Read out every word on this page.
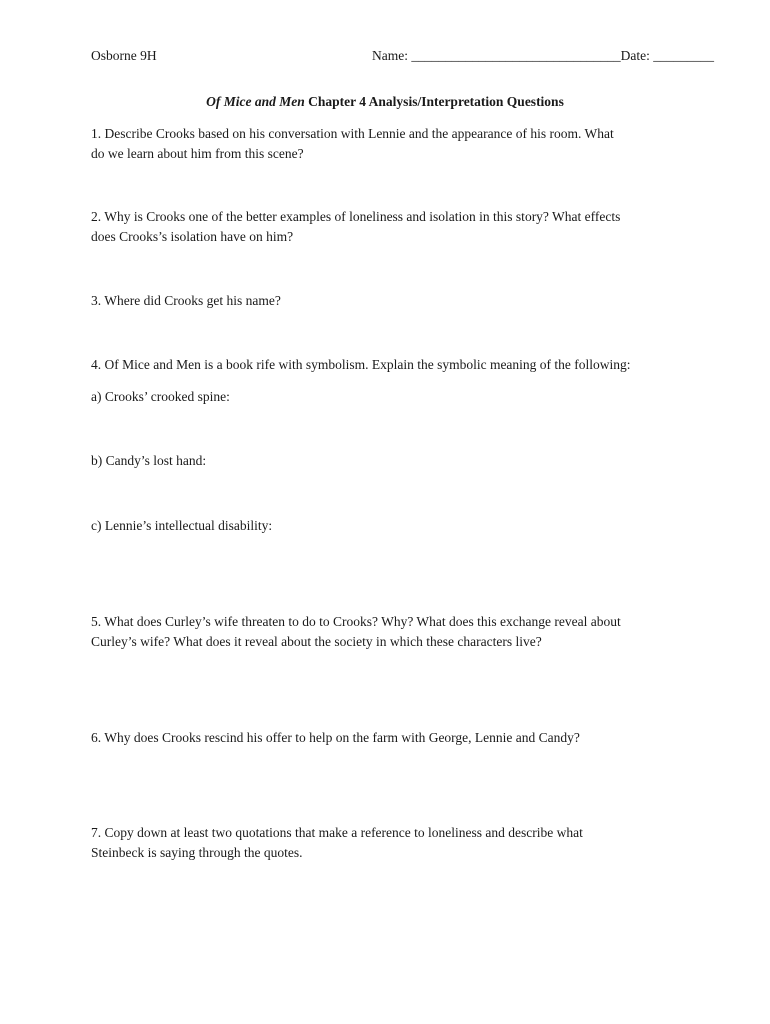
Osborne 9H	Name: _______________________________Date: _________
Of Mice and Men Chapter 4 Analysis/Interpretation Questions
1. Describe Crooks based on his conversation with Lennie and the appearance of his room. What
do we learn about him from this scene?
2. Why is Crooks one of the better examples of loneliness and isolation in this story? What effects
does Crooks’s isolation have on him?
3. Where did Crooks get his name?
4. Of Mice and Men is a book rife with symbolism. Explain the symbolic meaning of the following:
a) Crooks’ crooked spine:
b) Candy’s lost hand:
c) Lennie’s intellectual disability:
5. What does Curley’s wife threaten to do to Crooks? Why? What does this exchange reveal about
Curley’s wife? What does it reveal about the society in which these characters live?
6. Why does Crooks rescind his offer to help on the farm with George, Lennie and Candy?
7. Copy down at least two quotations that make a reference to loneliness and describe what
Steinbeck is saying through the quotes.
